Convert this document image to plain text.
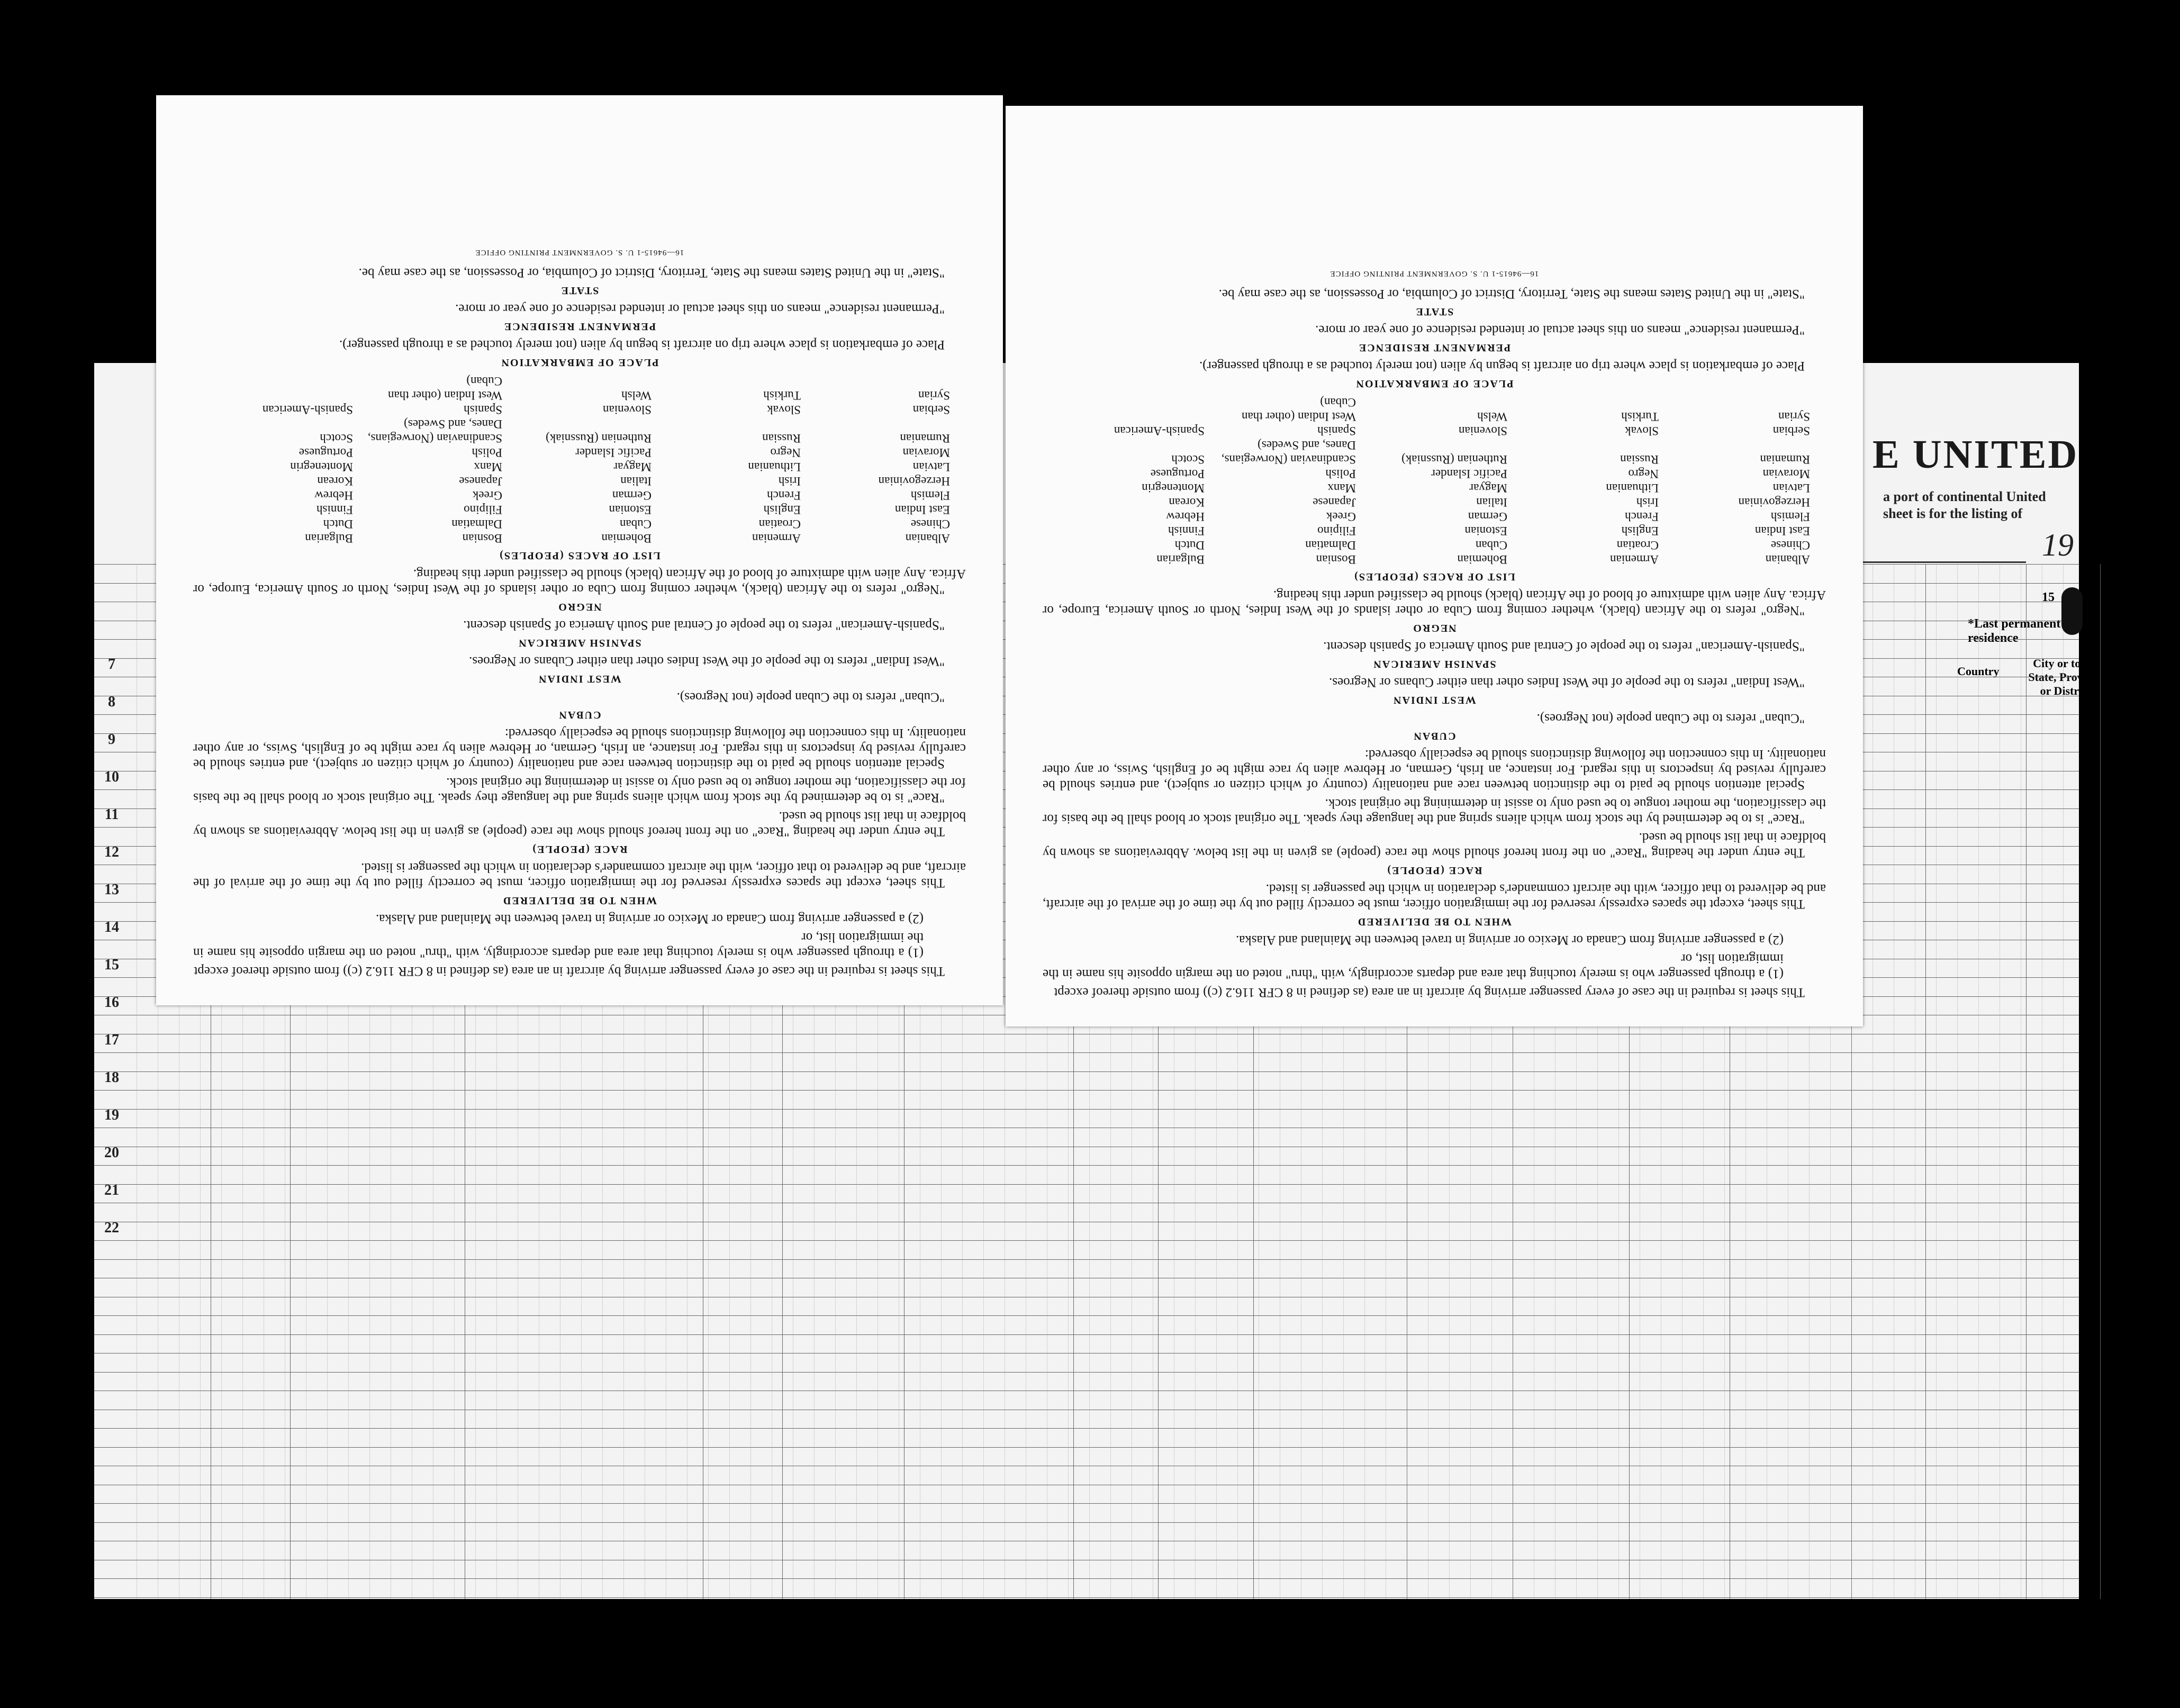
E UNITED
a port of continental United
sheet is for the listing of
19
15
*Last permanent residence
Country
City or town, State, Province or District
7
8
9
10
11
12
13
14
15
16
17
18
19
20
21
22

This sheet is required in the case of every passenger arriving by aircraft in an area (as defined in 8 CFR 116.2 (c)) from outside thereof except

(1) a through passenger who is merely touching that area and departs accordingly, with "thru" noted on the margin opposite his name in the immigration list, or

(2) a passenger arriving from Canada or Mexico or arriving in travel between the Mainland and Alaska.

WHEN TO BE DELIVERED

This sheet, except the spaces expressly reserved for the immigration officer, must be correctly filled out by the time of the arrival of the aircraft, and be delivered to that officer, with the aircraft commander's declaration in which the passenger is listed.

RACE (PEOPLE)

The entry under the heading "Race" on the front hereof should show the race (people) as given in the list below. Abbreviations as shown by boldface in that list should be used.

"Race" is to be determined by the stock from which aliens spring and the language they speak. The original stock or blood shall be the basis for the classification, the mother tongue to be used only to assist in determining the original stock.

Special attention should be paid to the distinction between race and nationality (country of which citizen or subject), and entries should be carefully revised by inspectors in this regard. For instance, an Irish, German, or Hebrew alien by race might be of English, Swiss, or any other nationality. In this connection the following distinctions should be especially observed:

CUBAN

"Cuban" refers to the Cuban people (not Negroes).

WEST INDIAN

"West Indian" refers to the people of the West Indies other than either Cubans or Negroes.

SPANISH AMERICAN

"Spanish-American" refers to the people of Central and South America of Spanish descent.

NEGRO

"Negro" refers to the African (black), whether coming from Cuba or other islands of the West Indies, North or South America, Europe, or Africa. Any alien with admixture of blood of the African (black) should be classified under this heading.

LIST OF RACES (PEOPLES)
Albanian
Armenian
Bohemian
Bosnian
Bulgarian
Chinese
Croatian
Cuban
Dalmatian
Dutch
East Indian
English
Estonian
Filipino
Finnish
Flemish
French
German
Greek
Hebrew
Herzegovinian
Irish
Italian
Japanese
Korean
Latvian
Lithuanian
Magyar
Manx
Montenegrin
Moravian
Negro
Pacific Islander
Polish
Portuguese
Rumanian
Russian
Ruthenian (Russniak)
Scandinavian (Norwegians, Danes, and Swedes)
Scotch
Serbian
Slovak
Slovenian
Spanish
Spanish-American
Syrian
Turkish
Welsh
West Indian (other than Cuban)
PLACE OF EMBARKATION

Place of embarkation is place where trip on aircraft is begun by alien (not merely touched as a through passenger).

PERMANENT RESIDENCE

"Permanent residence" means on this sheet actual or intended residence of one year or more.

STATE

"State" in the United States means the State, Territory, District of Columbia, or Possession, as the case may be.

16—94615-1 U. S. GOVERNMENT PRINTING OFFICE

This sheet is required in the case of every passenger arriving by aircraft in an area (as defined in 8 CFR 116.2 (c)) from outside thereof except

(1) a through passenger who is merely touching that area and departs accordingly, with "thru" noted on the margin opposite his name in the immigration list, or

(2) a passenger arriving from Canada or Mexico or arriving in travel between the Mainland and Alaska.

WHEN TO BE DELIVERED

This sheet, except the spaces expressly reserved for the immigration officer, must be correctly filled out by the time of the arrival of the aircraft, and be delivered to that officer, with the aircraft commander's declaration in which the passenger is listed.

RACE (PEOPLE)

The entry under the heading "Race" on the front hereof should show the race (people) as given in the list below. Abbreviations as shown by boldface in that list should be used.

"Race" is to be determined by the stock from which aliens spring and the language they speak. The original stock or blood shall be the basis for the classification, the mother tongue to be used only to assist in determining the original stock.

Special attention should be paid to the distinction between race and nationality (country of which citizen or subject), and entries should be carefully revised by inspectors in this regard. For instance, an Irish, German, or Hebrew alien by race might be of English, Swiss, or any other nationality. In this connection the following distinctions should be especially observed:

CUBAN

"Cuban" refers to the Cuban people (not Negroes).

WEST INDIAN

"West Indian" refers to the people of the West Indies other than either Cubans or Negroes.

SPANISH AMERICAN

"Spanish-American" refers to the people of Central and South America of Spanish descent.

NEGRO

"Negro" refers to the African (black), whether coming from Cuba or other islands of the West Indies, North or South America, Europe, or Africa. Any alien with admixture of blood of the African (black) should be classified under this heading.

LIST OF RACES (PEOPLES)
Albanian
Armenian
Bohemian
Bosnian
Bulgarian
Chinese
Croatian
Cuban
Dalmatian
Dutch
East Indian
English
Estonian
Filipino
Finnish
Flemish
French
German
Greek
Hebrew
Herzegovinian
Irish
Italian
Japanese
Korean
Latvian
Lithuanian
Magyar
Manx
Montenegrin
Moravian
Negro
Pacific Islander
Polish
Portuguese
Rumanian
Russian
Ruthenian (Russniak)
Scandinavian (Norwegians, Danes, and Swedes)
Scotch
Serbian
Slovak
Slovenian
Spanish
Spanish-American
Syrian
Turkish
Welsh
West Indian (other than Cuban)
PLACE OF EMBARKATION

Place of embarkation is place where trip on aircraft is begun by alien (not merely touched as a through passenger).

PERMANENT RESIDENCE

"Permanent residence" means on this sheet actual or intended residence of one year or more.

STATE

"State" in the United States means the State, Territory, District of Columbia, or Possession, as the case may be.

16—94615-1 U. S. GOVERNMENT PRINTING OFFICE
